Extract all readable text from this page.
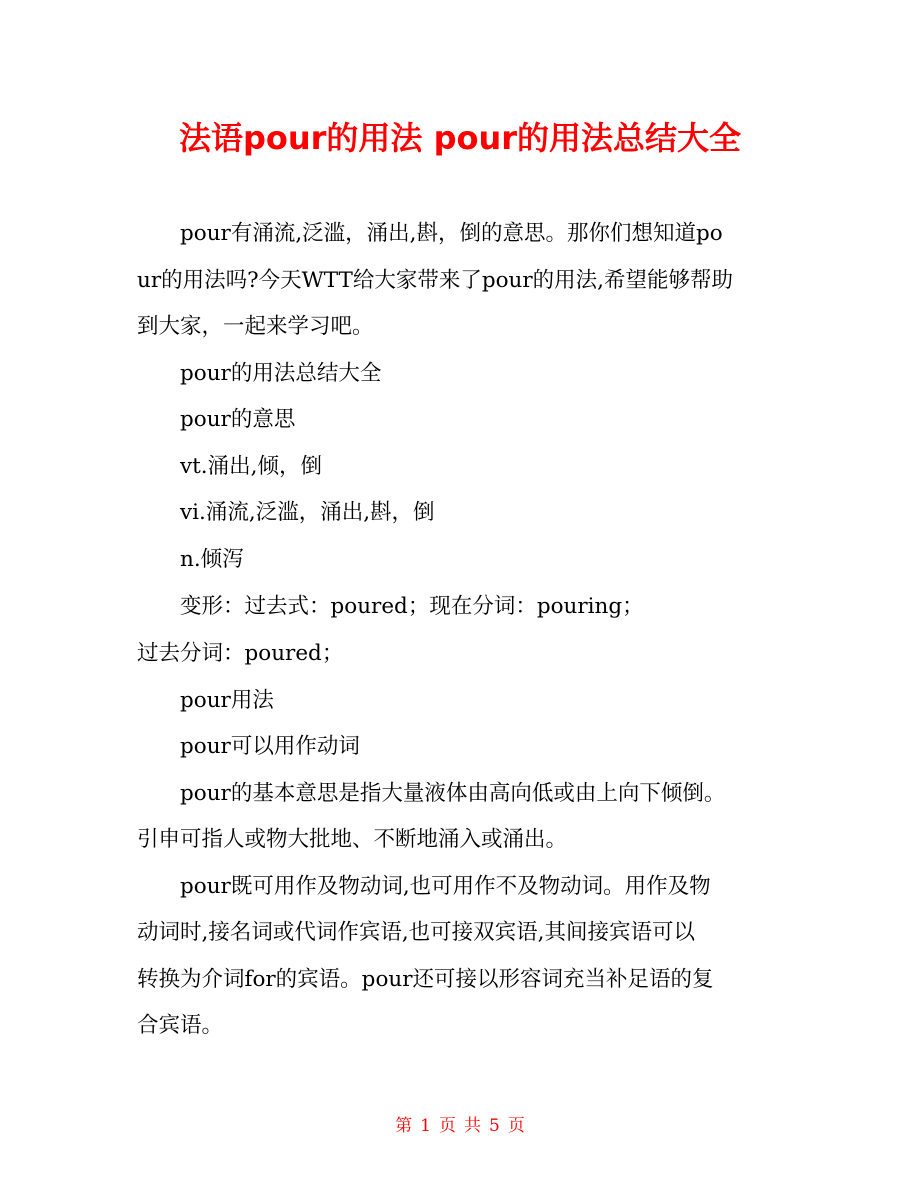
法语pour的用法 pour的用法总结大全
pour有涌流,泛滥，涌出,斟，倒的意思。那你们想知道po
ur的用法吗?今天WTT给大家带来了pour的用法,希望能够帮助
到大家，一起来学习吧。
pour的用法总结大全
pour的意思
vt.涌出,倾，倒
vi.涌流,泛滥，涌出,斟，倒
n.倾泻
变形：过去式：poured；现在分词：pouring；
过去分词：poured；
pour用法
pour可以用作动词
pour的基本意思是指大量液体由高向低或由上向下倾倒。
引申可指人或物大批地、不断地涌入或涌出。
pour既可用作及物动词,也可用作不及物动词。用作及物
动词时,接名词或代词作宾语,也可接双宾语,其间接宾语可以
转换为介词for的宾语。pour还可接以形容词充当补足语的复
合宾语。
第 1 页 共 5 页
